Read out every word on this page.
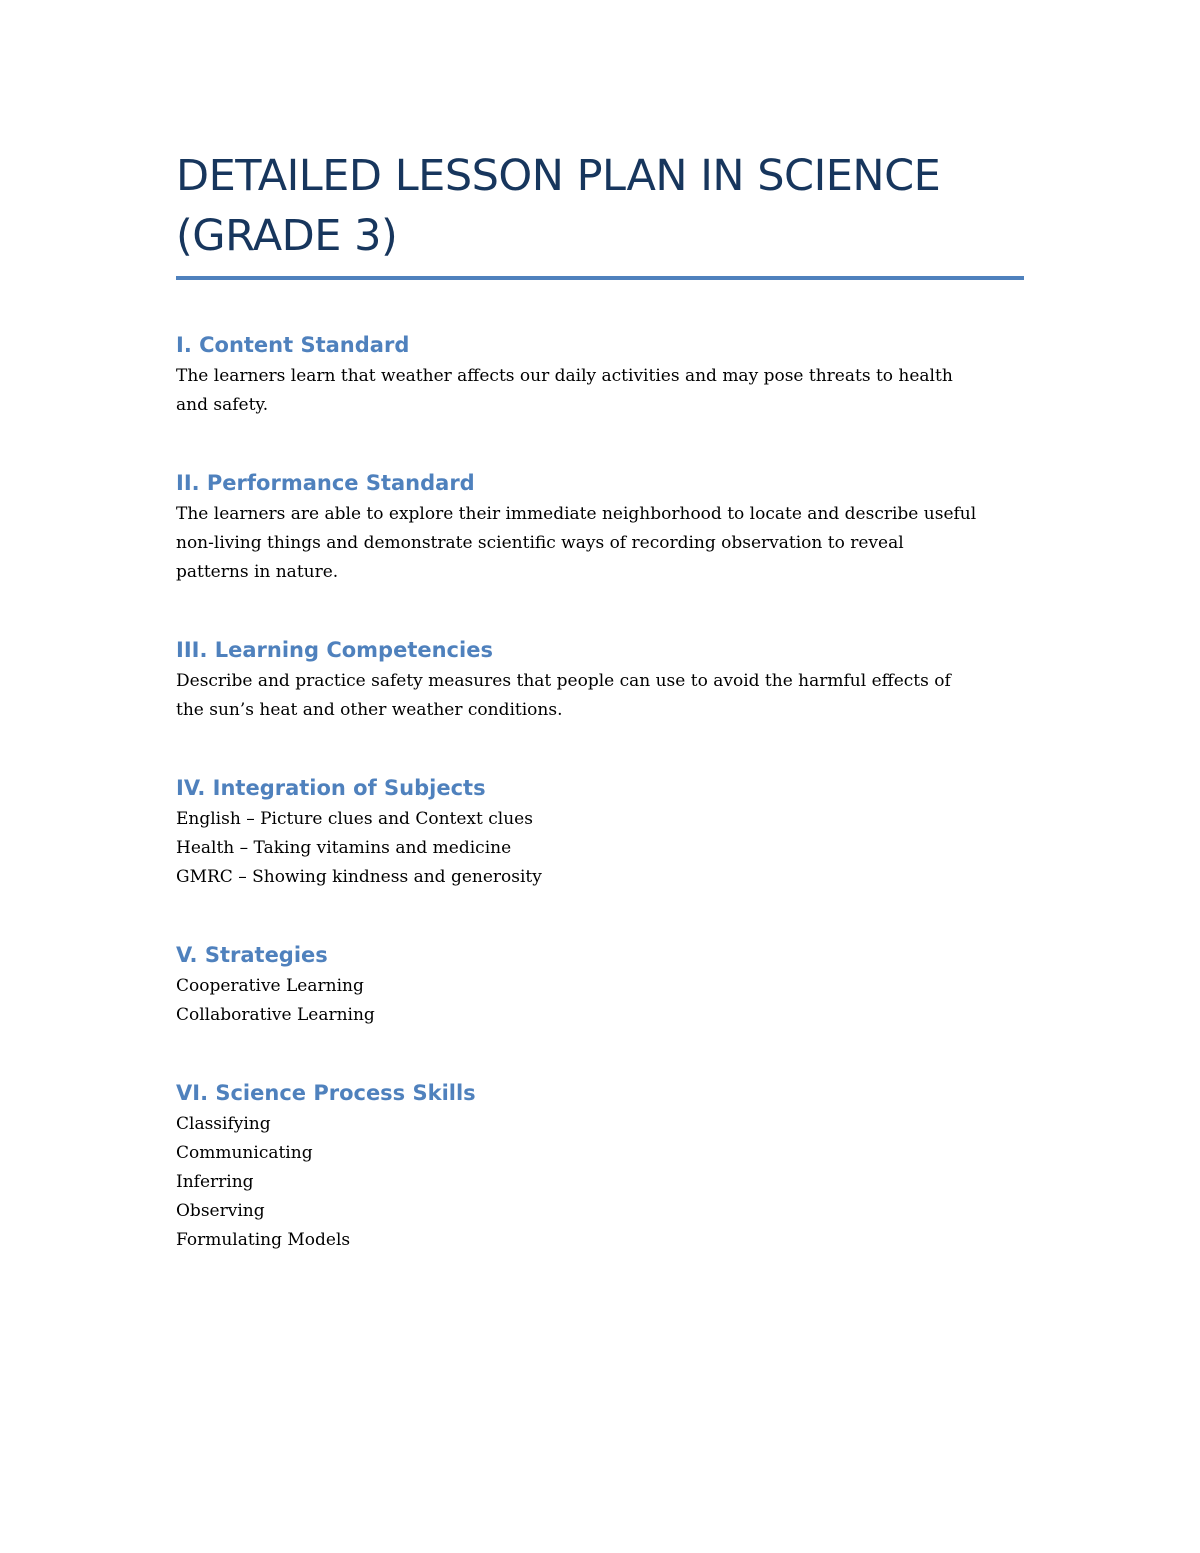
DETAILED LESSON PLAN IN SCIENCE
(GRADE 3)
I. Content Standard
The learners learn that weather affects our daily activities and may pose threats to health
and safety.
II. Performance Standard
The learners are able to explore their immediate neighborhood to locate and describe useful
non-living things and demonstrate scientific ways of recording observation to reveal
patterns in nature.
III. Learning Competencies
Describe and practice safety measures that people can use to avoid the harmful effects of
the sun’s heat and other weather conditions.
IV. Integration of Subjects
English – Picture clues and Context clues
Health – Taking vitamins and medicine
GMRC – Showing kindness and generosity
V. Strategies
Cooperative Learning
Collaborative Learning
VI. Science Process Skills
Classifying
Communicating
Inferring
Observing
Formulating Models
